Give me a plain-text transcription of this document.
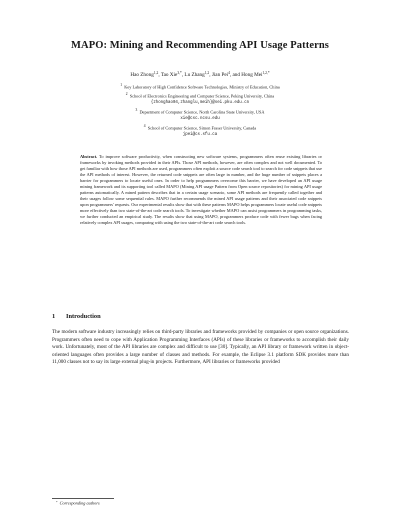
MAPO: Mining and Recommending API Usage Patterns
Hao Zhong$^{1,2}$, Tao Xie$^{3,*}$, Lu Zhang$^{1,2}$, Jian Pei$^4$, and Hong Mei$^{1,2,*}$
$^1$  Key Laboratory of High Confidence Software Technologies, Ministry of Education, China
$^2$  School of Electronics Engineering and Computer Science, Peking University, China
{zhonghao04,zhanglu,meih}@sei.pku.edu.cn
$^3$  Department of Computer Science, North Carolina State University, USA
xie@csc.ncsu.edu
$^4$  School of Computer Science, Simon Fraser University, Canada
jpei@cs.sfu.ca

Abstract. To improve software productivity, when constructing new software systems, programmers often reuse existing libraries or frameworks by invoking methods provided in their APIs. Those API methods, however, are often complex and not well documented. To get familiar with how those API methods are used, programmers often exploit a source code search tool to search for code snippets that use the API methods of interest. However, the returned code snippets are often large in number, and the huge number of snippets places a barrier for programmers to locate useful ones. In order to help programmers overcome this barrier, we have developed an API usage mining framework and its supporting tool called MAPO (Mining API usage Pattern from Open source repositories) for mining API usage patterns automatically. A mined pattern describes that in a certain usage scenario, some API methods are frequently called together and their usages follow some sequential rules. MAPO further recommends the mined API usage patterns and their associated code snippets upon programmers' requests. Our experimental results show that with these patterns MAPO helps programmers locate useful code snippets more effectively than two state-of-the-art code search tools. To investigate whether MAPO can assist programmers in programming tasks, we further conducted an empirical study. The results show that using MAPO, programmers produce code with fewer bugs when facing relatively complex API usages, comparing with using the two state-of-the-art code search tools.

1 Introduction

The modern software industry increasingly relies on third-party libraries and frameworks provided by companies or open source organizations. Programmers often need to cope with Application Programming Interfaces (APIs) of these libraries or frameworks to accomplish their daily work. Unfortunately, most of the API libraries are complex and difficult to use [30]. Typically, an API library or framework written in object-oriented languages often provides a large number of classes and methods. For example, the Eclipse 3.1 platform SDK provides more than 11,000 classes not to say its large external plug-in projects. Furthermore, API libraries or frameworks provided

* Corresponding authors
